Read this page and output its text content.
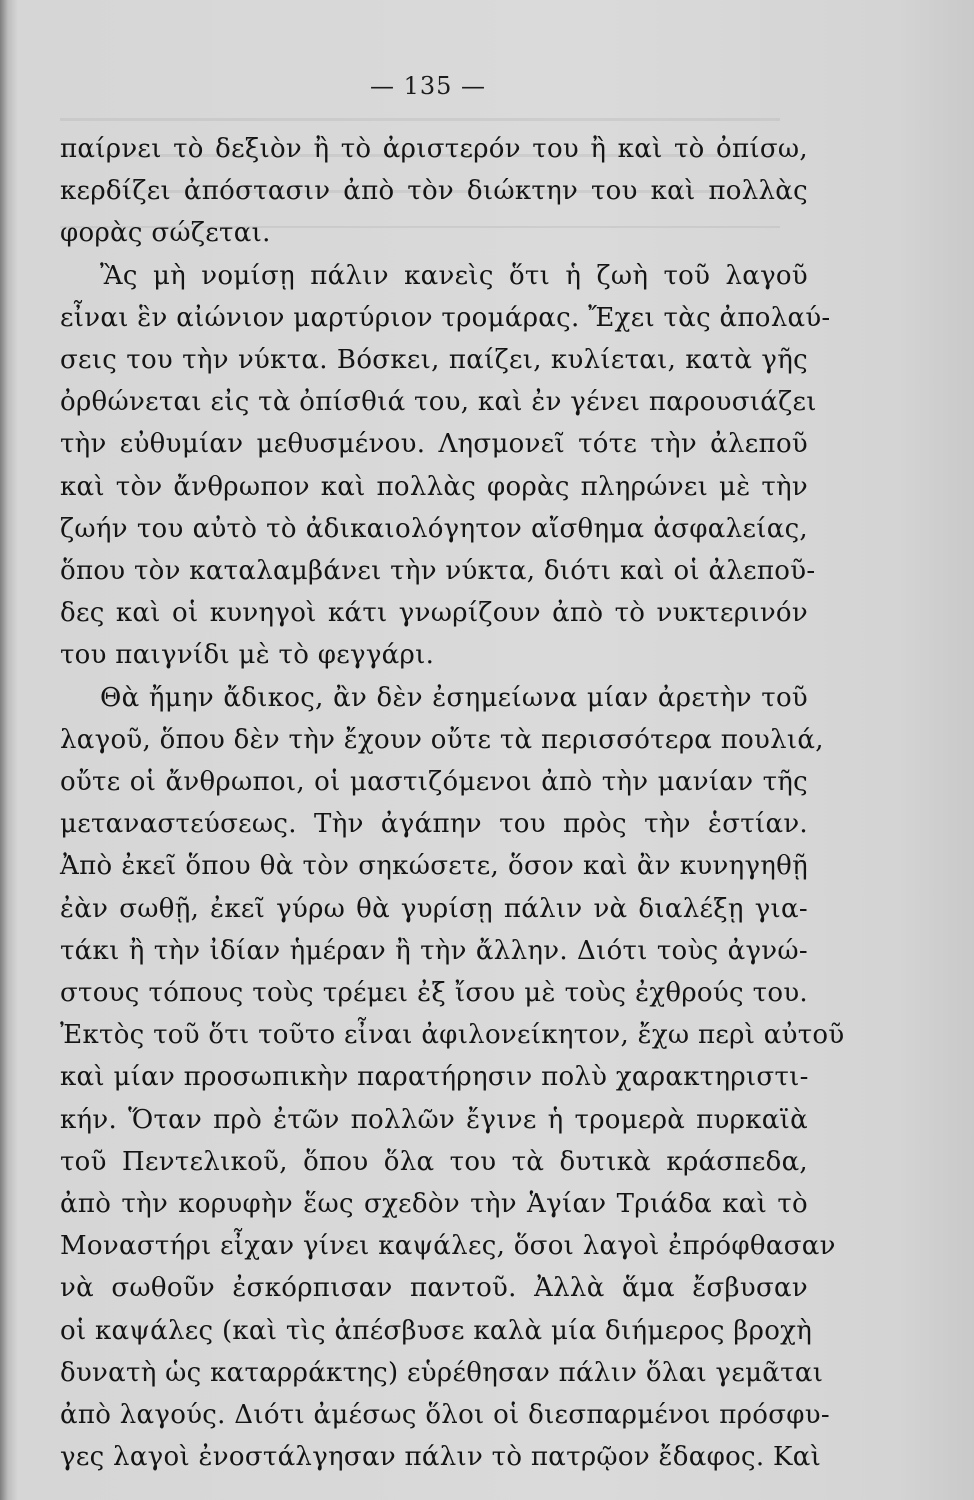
— 135 —
παίρνει τὸ δεξιὸν ἢ τὸ ἀριστερόν του ἢ καὶ τὸ ὀπίσω,
κερδίζει ἀπόστασιν ἀπὸ τὸν διώκτην του καὶ πολλὰς
φορὰς σώζεται.
Ἂς μὴ νομίσῃ πάλιν κανεὶς ὅτι ἡ ζωὴ τοῦ λαγοῦ
εἶναι ἓν αἰώνιον μαρτύριον τρομάρας. Ἔχει τὰς ἀπολαύ-
σεις του τὴν νύκτα. Βόσκει, παίζει, κυλίεται, κατὰ γῆς
ὀρθώνεται εἰς τὰ ὀπίσθιά του, καὶ ἐν γένει παρουσιάζει
τὴν εὐθυμίαν μεθυσμένου. Λησμονεῖ τότε τὴν ἀλεποῦ
καὶ τὸν ἄνθρωπον καὶ πολλὰς φορὰς πληρώνει μὲ τὴν
ζωήν του αὐτὸ τὸ ἀδικαιολόγητον αἴσθημα ἀσφαλείας,
ὅπου τὸν καταλαμβάνει τὴν νύκτα, διότι καὶ οἱ ἀλεποῦ-
δες καὶ οἱ κυνηγοὶ κάτι γνωρίζουν ἀπὸ τὸ νυκτερινόν
του παιγνίδι μὲ τὸ φεγγάρι.
Θὰ ἤμην ἄδικος, ἂν δὲν ἐσημείωνα μίαν ἀρετὴν τοῦ
λαγοῦ, ὅπου δὲν τὴν ἔχουν οὔτε τὰ περισσότερα πουλιά,
οὔτε οἱ ἄνθρωποι, οἱ μαστιζόμενοι ἀπὸ τὴν μανίαν τῆς
μεταναστεύσεως. Τὴν ἀγάπην του πρὸς τὴν ἑστίαν.
Ἀπὸ ἐκεῖ ὅπου θὰ τὸν σηκώσετε, ὅσον καὶ ἂν κυνηγηθῇ
ἐὰν σωθῇ, ἐκεῖ γύρω θὰ γυρίσῃ πάλιν νὰ διαλέξῃ για-
τάκι ἢ τὴν ἰδίαν ἡμέραν ἢ τὴν ἄλλην. Διότι τοὺς ἀγνώ-
στους τόπους τοὺς τρέμει ἐξ ἴσου μὲ τοὺς ἐχθρούς του.
Ἐκτὸς τοῦ ὅτι τοῦτο εἶναι ἀφιλονείκητον, ἔχω περὶ αὐτοῦ
καὶ μίαν προσωπικὴν παρατήρησιν πολὺ χαρακτηριστι-
κήν. Ὅταν πρὸ ἐτῶν πολλῶν ἔγινε ἡ τρομερὰ πυρκαϊὰ
τοῦ Πεντελικοῦ, ὅπου ὅλα του τὰ δυτικὰ κράσπεδα,
ἀπὸ τὴν κορυφὴν ἕως σχεδὸν τὴν Ἁγίαν Τριάδα καὶ τὸ
Μοναστήρι εἶχαν γίνει καψάλες, ὅσοι λαγοὶ ἐπρόφθασαν
νὰ σωθοῦν ἐσκόρπισαν παντοῦ. Ἀλλὰ ἅμα ἔσβυσαν
οἱ καψάλες (καὶ τὶς ἀπέσβυσε καλὰ μία διήμερος βροχὴ
δυνατὴ ὡς καταρράκτης) εὑρέθησαν πάλιν ὅλαι γεμᾶται
ἀπὸ λαγούς. Διότι ἀμέσως ὅλοι οἱ διεσπαρμένοι πρόσφυ-
γες λαγοὶ ἐνοστάλγησαν πάλιν τὸ πατρῷον ἔδαφος. Καὶ
